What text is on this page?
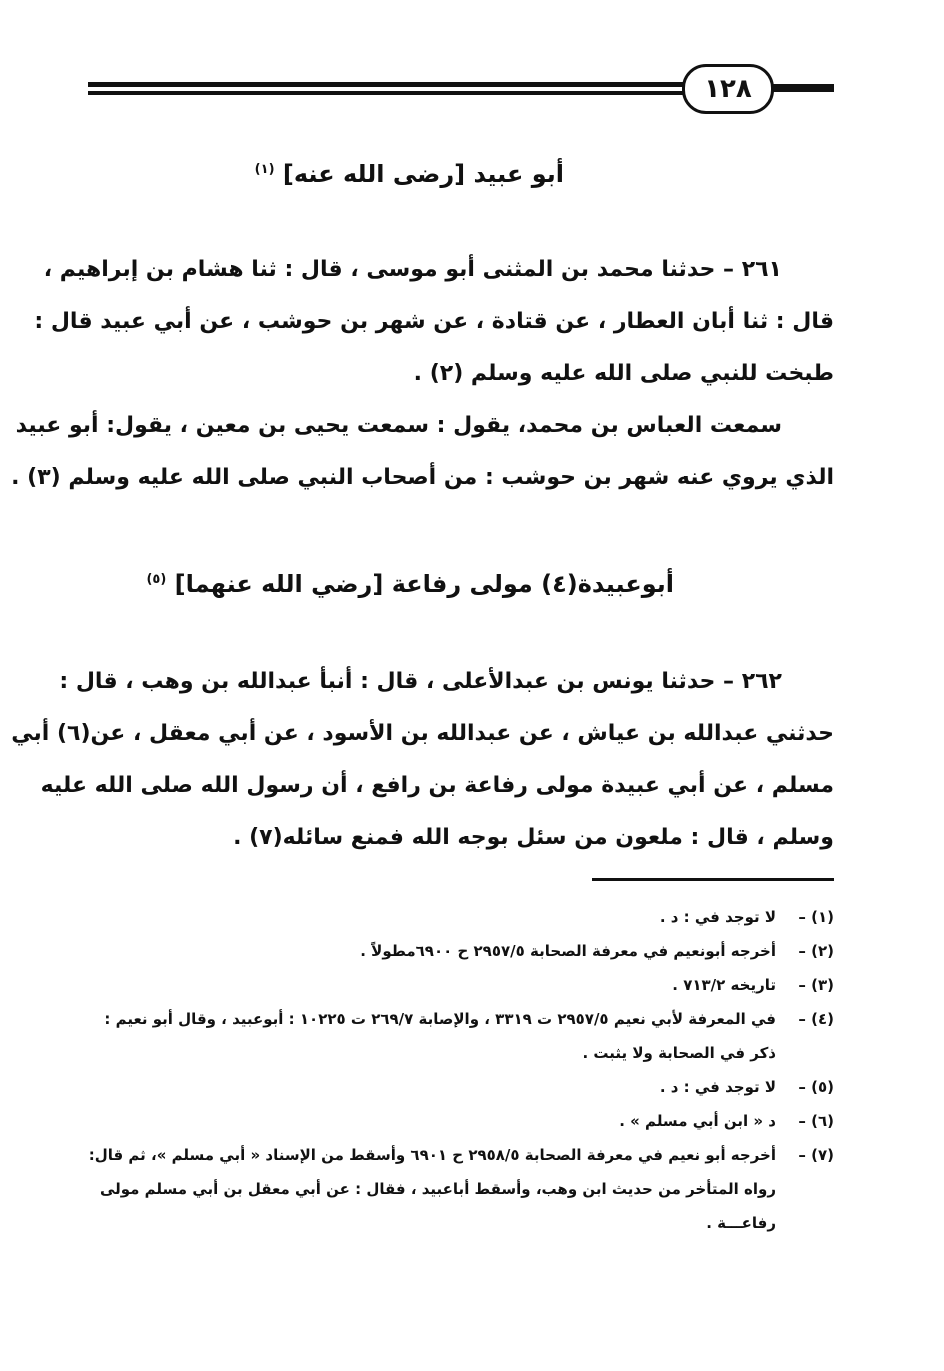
١٢٨
أبو عبيد [رضى الله عنه] $^{(١)}$
٢٦١ – حدثنا محمد بن المثنى أبو موسى ، قال : ثنا هشام بن إبراهيم ،
قال : ثنا أبان العطار ، عن قتادة ، عن شهر بن حوشب ، عن أبي عبيد قال :
طبخت للنبي صلى الله عليه وسلم (٢) .
سمعت العباس بن محمد، يقول : سمعت يحيى بن معين ، يقول: أبو عبيد
الذي يروي عنه شهر بن حوشب : من أصحاب النبي صلى الله عليه وسلم (٣) .
أبوعبيدة(٤) مولى رفاعة [رضي الله عنهما] $^{(٥)}$
٢٦٢ – حدثنا يونس بن عبدالأعلى ، قال : أنبأ عبدالله بن وهب ، قال :
حدثني عبدالله بن عياش ، عن عبدالله بن الأسود ، عن أبي معقل ، عن(٦) أبي
مسلم ، عن أبي عبيدة مولى رفاعة بن رافع ، أن رسول الله صلى الله عليه
وسلم ، قال : ملعون من سئل بوجه الله فمنع سائله(٧) .
(١) –
لا توجد في : د .
(٢) –
أخرجه أبونعيم في معرفة الصحابة ٢٩٥٧/٥ ح ٦٩٠٠مطولاً .
(٣) –
تاريخه ٧١٣/٢ .
(٤) –
في المعرفة لأبي نعيم ٢٩٥٧/٥ ت ٣٣١٩ ، والإصابة ٢٦٩/٧ ت ١٠٢٢٥ : أبوعبيد ، وقال أبو نعيم : ذكر في الصحابة ولا يثبت .
(٥) –
لا توجد في : د .
(٦) –
د « ابن أبي مسلم » .
(٧) –
أخرجه أبو نعيم في معرفة الصحابة ٢٩٥٨/٥ ح ٦٩٠١ وأسقط من الإسناد « أبي مسلم »، ثم قال: رواه المتأخر من حديث ابن وهب، وأسقط أباعبيد ، فقال : عن أبي معقل بن أبي مسلم مولى رفاعـــة .
